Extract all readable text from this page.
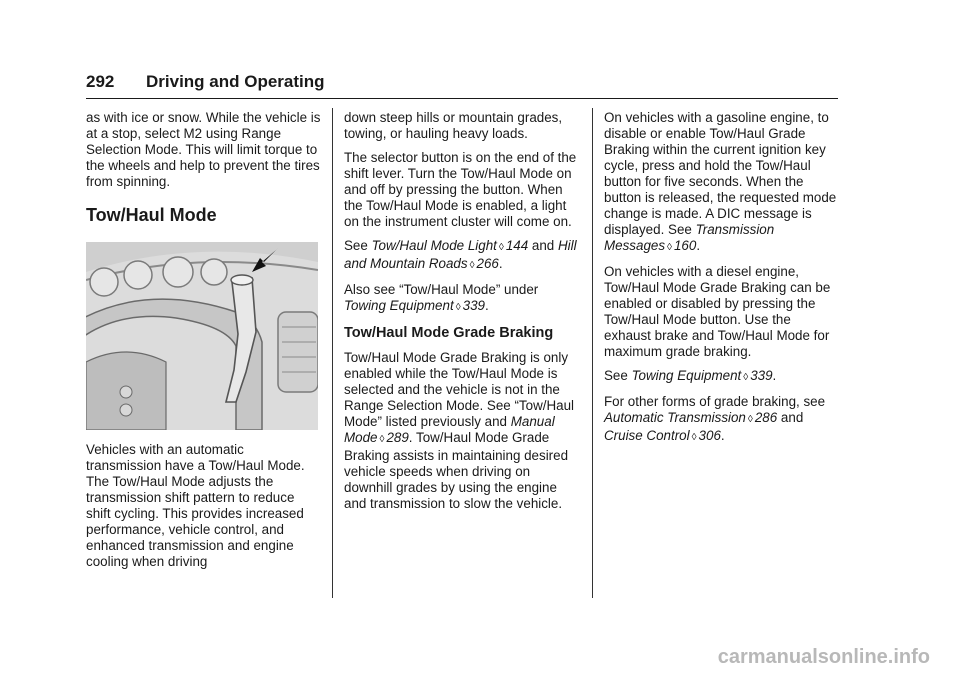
292 Driving and Operating

as with ice or snow. While the vehicle is at a stop, select M2 using Range Selection Mode. This will limit torque to the wheels and help to prevent the tires from spinning.

Tow/Haul Mode

Vehicles with an automatic transmission have a Tow/Haul Mode. The Tow/Haul Mode adjusts the transmission shift pattern to reduce shift cycling. This provides increased performance, vehicle control, and enhanced transmission and engine cooling when driving

down steep hills or mountain grades, towing, or hauling heavy loads.

The selector button is on the end of the shift lever. Turn the Tow/Haul Mode on and off by pressing the button. When the Tow/Haul Mode is enabled, a light on the instrument cluster will come on.

See Tow/Haul Mode Light ◊ 144 and Hill and Mountain Roads ◊ 266.

Also see “Tow/Haul Mode” under Towing Equipment ◊ 339.

Tow/Haul Mode Grade Braking

Tow/Haul Mode Grade Braking is only enabled while the Tow/Haul Mode is selected and the vehicle is not in the Range Selection Mode. See “Tow/Haul Mode” listed previously and Manual Mode ◊ 289. Tow/Haul Mode Grade Braking assists in maintaining desired vehicle speeds when driving on downhill grades by using the engine and transmission to slow the vehicle.

On vehicles with a gasoline engine, to disable or enable Tow/Haul Grade Braking within the current ignition key cycle, press and hold the Tow/Haul button for five seconds. When the button is released, the requested mode change is made. A DIC message is displayed. See Transmission Messages ◊ 160.

On vehicles with a diesel engine, Tow/Haul Mode Grade Braking can be enabled or disabled by pressing the Tow/Haul Mode button. Use the exhaust brake and Tow/Haul Mode for maximum grade braking.

See Towing Equipment ◊ 339.

For other forms of grade braking, see Automatic Transmission ◊ 286 and Cruise Control ◊ 306.

carmanualsonline.info
